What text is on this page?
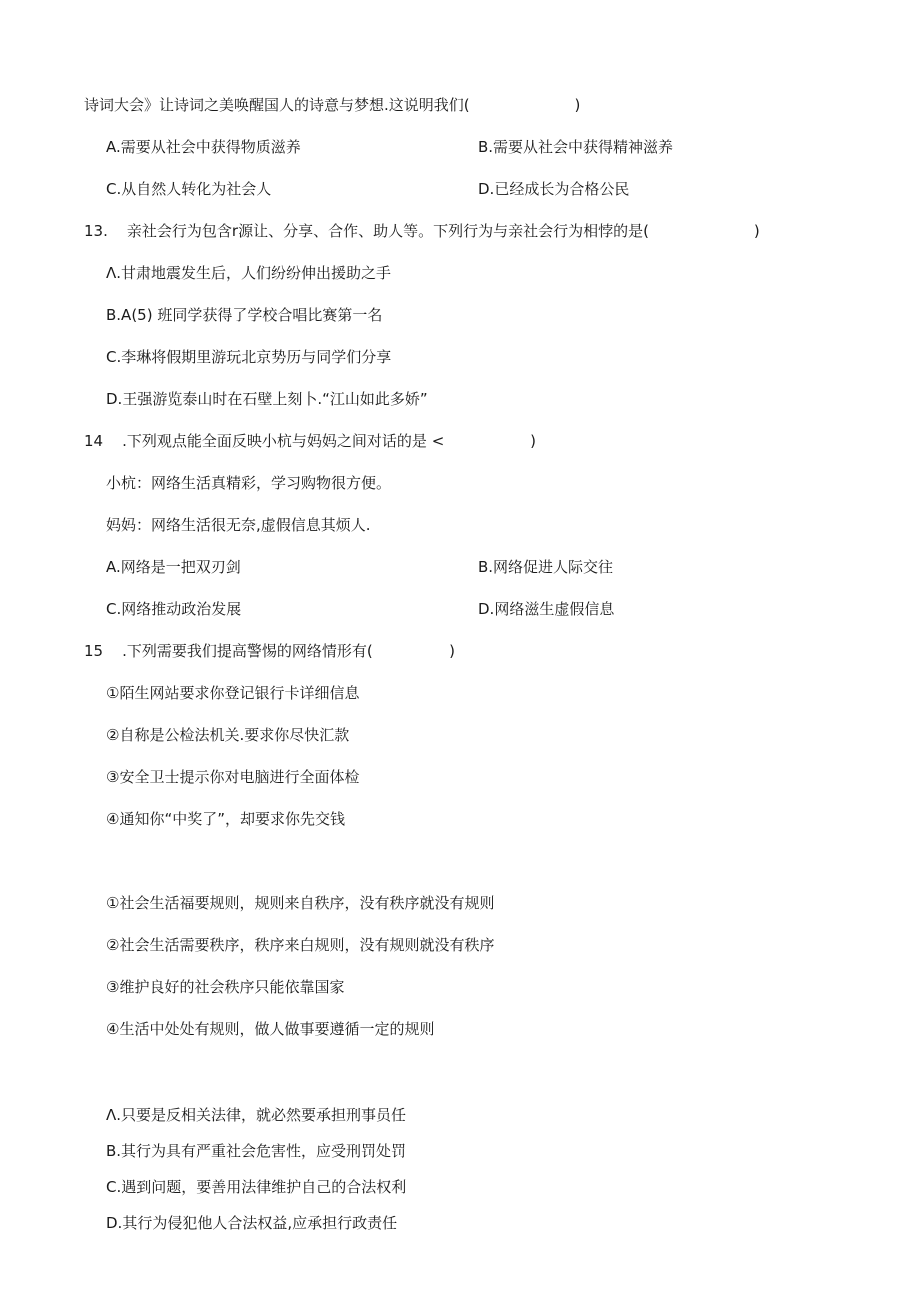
诗词大会》让诗词之美唤醒国人的诗意与梦想.这说明我们(                      )
A.需要从社会中获得物质滋养	B.需要从社会中获得精神滋养
C.从自然人转化为社会人	D.已经成长为合格公民
13.    亲社会行为包含r源让、分享、合作、助人等。下列行为与亲社会行为相悖的是(                      )
Λ.甘肃地震发生后，人们纷纷伸出援助之手
B.A(5) 班同学获得了学校合唱比赛第一名
C.李琳将假期里游玩北京势历与同学们分享
D.王强游览泰山时在石壁上刻卜.“江山如此多娇”
14    .下列观点能全面反映小杭与妈妈之间对话的是 <                  )
小杭：网络生活真精彩，学习购物很方便。
妈妈：网络生活很无奈,虚假信息其烦人.
A.网络是一把双刃剑	B.网络促进人际交往
C.网络推动政治发展	D.网络滋生虚假信息
15    .下列需要我们提高警惕的网络情形有(                )
①陌生网站要求你登记银行卡详细信息
②自称是公检法机关.要求你尽快汇款
③安全卫士提示你对电脑进行全面体检
④通知你“中奖了”，却要求你先交钱
①社会生活福要规则，规则来自秩序，没有秩序就没有规则
②社会生活需要秩序，秩序来白规则，没有规则就没有秩序
③维护良好的社会秩序只能依靠国家
④生活中处处有规则，做人做事要遵循一定的规则
Λ.只要是反相关法律，就必然要承担刑事员任
B.其行为具有严重社会危害性，应受刑罚处罚
C.遇到问题，要善用法律维护自己的合法权利
D.其行为侵犯他人合法权益,应承担行政责任
